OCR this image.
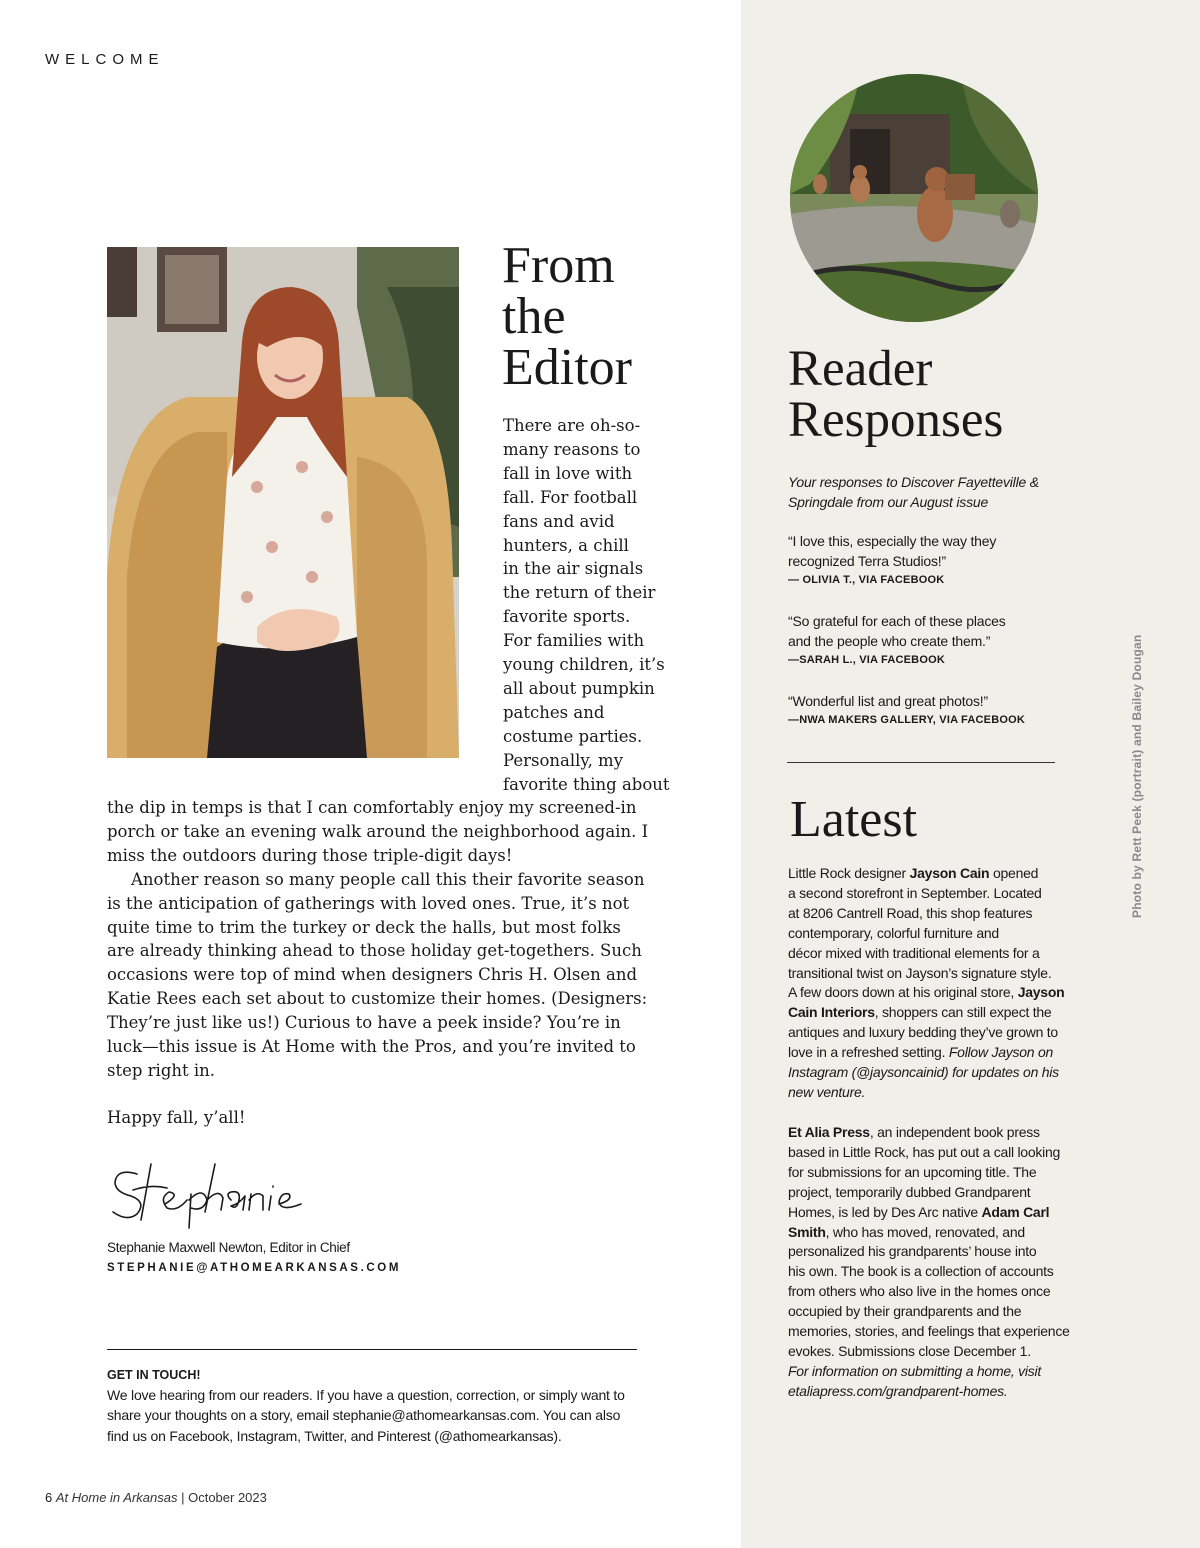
WELCOME
From
the
Editor
There are oh-so-
many reasons to
fall in love with
fall. For football
fans and avid
hunters, a chill
in the air signals
the return of their
favorite sports.
For families with
young children, it’s
all about pumpkin
patches and
costume parties.
Personally, my
favorite thing about
the dip in temps is that I can comfortably enjoy my screened-in
porch or take an evening walk around the neighborhood again. I
miss the outdoors during those triple-digit days!
Another reason so many people call this their favorite season
is the anticipation of gatherings with loved ones. True, it’s not
quite time to trim the turkey or deck the halls, but most folks
are already thinking ahead to those holiday get-togethers. Such
occasions were top of mind when designers Chris H. Olsen and
Katie Rees each set about to customize their homes. (Designers:
They’re just like us!) Curious to have a peek inside? You’re in
luck—this issue is At Home with the Pros, and you’re invited to
step right in.
Happy fall, y’all!
Stephanie Maxwell Newton, Editor in Chief
STEPHANIE@ATHOMEARKANSAS.COM
GET IN TOUCH!
We love hearing from our readers. If you have a question, correction, or simply want to
share your thoughts on a story, email stephanie@athomearkansas.com. You can also
find us on Facebook, Instagram, Twitter, and Pinterest (@athomearkansas).
6 At Home in Arkansas | October 2023
Reader
Responses
Your responses to Discover Fayetteville &
Springdale from our August issue
“I love this, especially the way they
recognized Terra Studios!”
— OLIVIA T., VIA FACEBOOK
“So grateful for each of these places
and the people who create them.”
—SARAH L., VIA FACEBOOK
“Wonderful list and great photos!”
—NWA MAKERS GALLERY, VIA FACEBOOK
Latest
Little Rock designer Jayson Cain opened
a second storefront in September. Located
at 8206 Cantrell Road, this shop features
contemporary, colorful furniture and
décor mixed with traditional elements for a
transitional twist on Jayson’s signature style.
A few doors down at his original store, Jayson
Cain Interiors, shoppers can still expect the
antiques and luxury bedding they’ve grown to
love in a refreshed setting. Follow Jayson on
Instagram (@jaysoncainid) for updates on his
new venture.
Et Alia Press, an independent book press
based in Little Rock, has put out a call looking
for submissions for an upcoming title. The
project, temporarily dubbed Grandparent
Homes, is led by Des Arc native Adam Carl
Smith, who has moved, renovated, and
personalized his grandparents’ house into
his own. The book is a collection of accounts
from others who also live in the homes once
occupied by their grandparents and the
memories, stories, and feelings that experience
evokes. Submissions close December 1.
For information on submitting a home, visit
etaliapress.com/grandparent-homes.
Photo by Rett Peek (portrait) and Bailey Dougan
